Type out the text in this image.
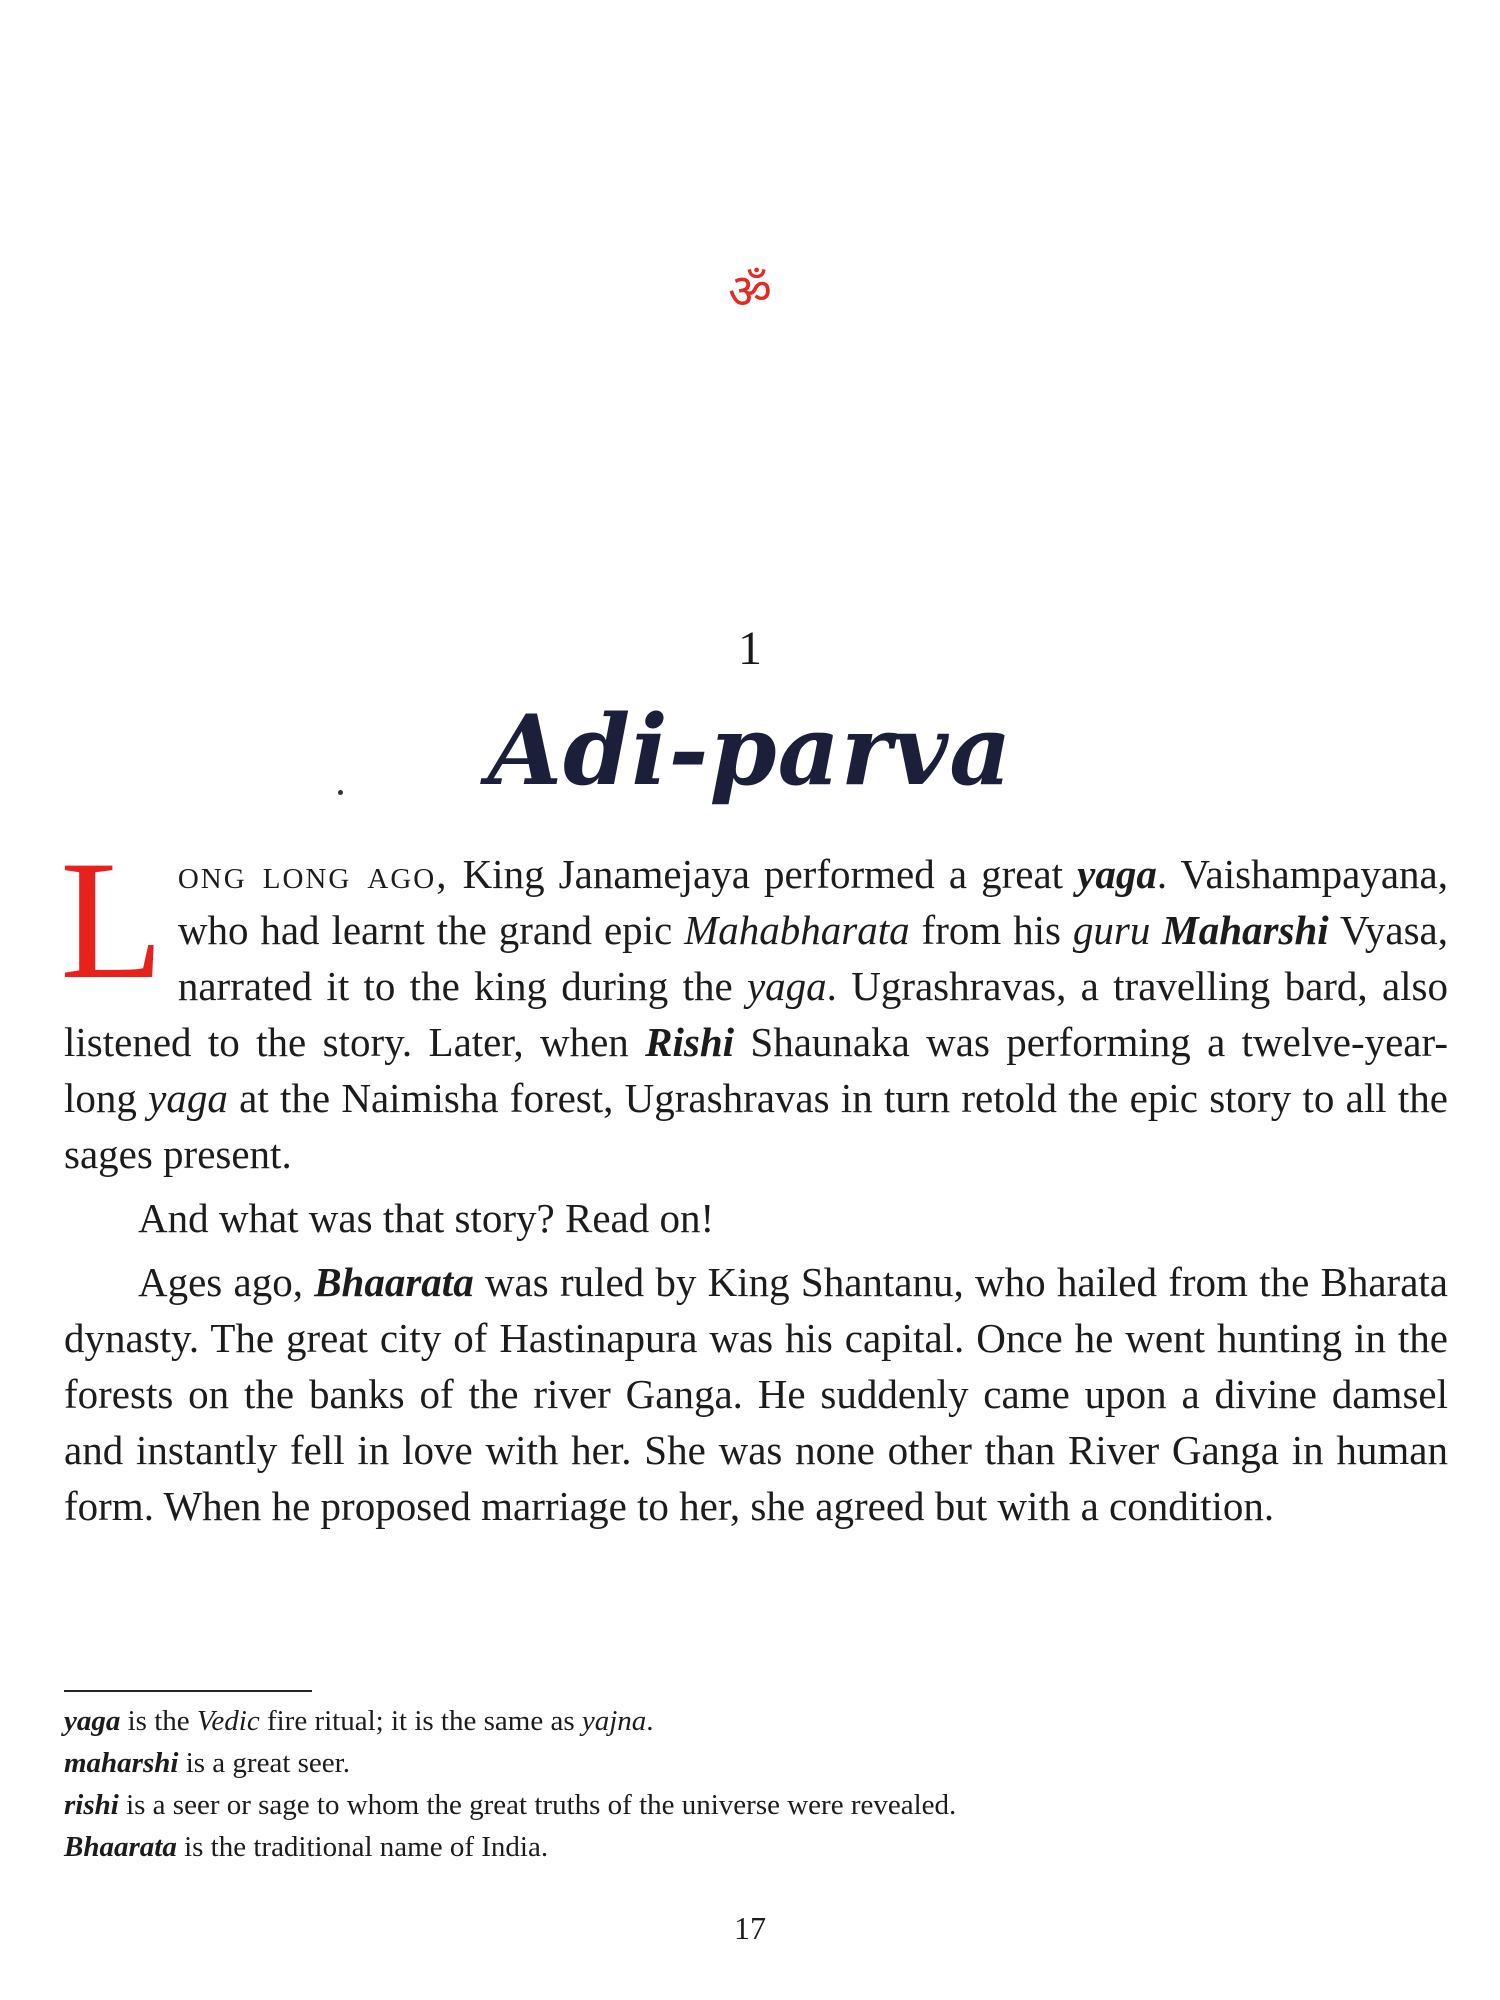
ॐ
1
Adi-parva

Long long ago, King Janamejaya performed a great yaga. Vaishampayana, who had learnt the grand epic Mahabharata from his guru Maharshi Vyasa, narrated it to the king during the yaga. Ugrashravas, a travelling bard, also listened to the story. Later, when Rishi Shaunaka was performing a twelve-year-long yaga at the Naimisha forest, Ugrashravas in turn retold the epic story to all the sages present.

And what was that story? Read on!

Ages ago, Bhaarata was ruled by King Shantanu, who hailed from the Bharata dynasty. The great city of Hastinapura was his capital. Once he went hunting in the forests on the banks of the river Ganga. He suddenly came upon a divine damsel and instantly fell in love with her. She was none other than River Ganga in human form. When he proposed marriage to her, she agreed but with a condition.

yaga is the Vedic fire ritual; it is the same as yajna.

maharshi is a great seer.

rishi is a seer or sage to whom the great truths of the universe were revealed.

Bhaarata is the traditional name of India.

17
